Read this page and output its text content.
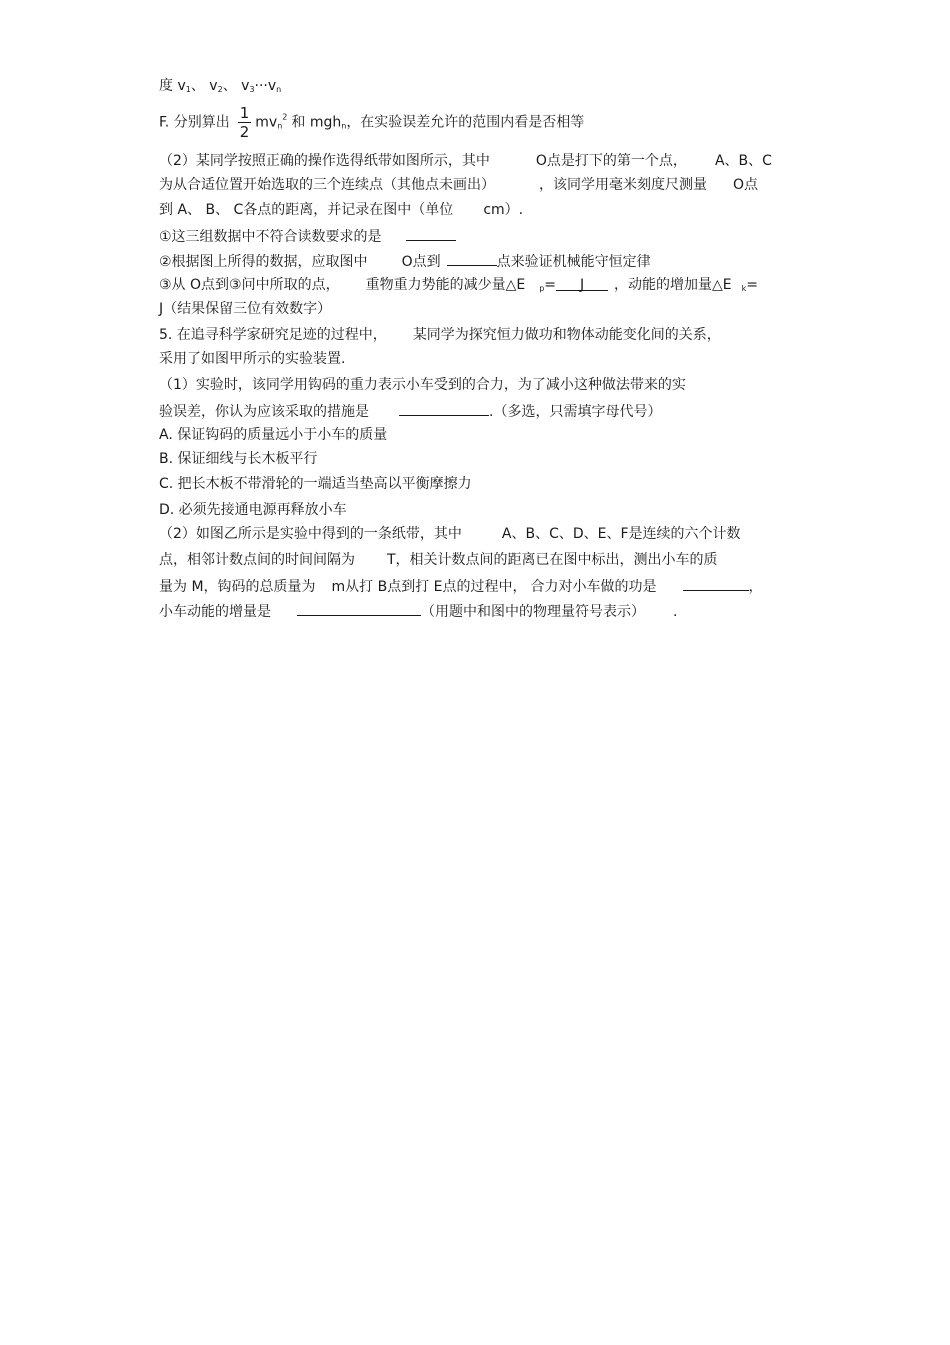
度 $v_1$、 $v_2$、 $v_3\cdot\cdot\cdot v_n$
F. 分别算出 $\frac{1}{2} mv_n^2$ 和 mgh$_n$，在实验误差允许的范围内看是否相等
（2）某同学按照正确的操作选得纸带如图所示，其中	O点是打下的第一个点， A、B、C
为从合适位置开始选取的三个连续点（其他点未画出）	，该同学用毫米刻度尺测量 O点
到 A、 B、 C各点的距离，并记录在图中（单位 cm）.
①这三组数据中不符合读数要求的是
②根据图上所得的数据，应取图中 O点到	点来验证机械能守恒定律
③从 O点到③问中所取的点， 重物重力势能的减少量△E $_p$= J ，动能的增加量△E $_k$=
J（结果保留三位有效数字）
5. 在追寻科学家研究足迹的过程中， 某同学为探究恒力做功和物体动能变化间的关系，
采用了如图甲所示的实验装置.
（1）实验时，该同学用钩码的重力表示小车受到的合力，为了减小这种做法带来的实
验误差，你认为应该采取的措施是	.（多选，只需填字母代号）
A. 保证钩码的质量远小于小车的质量
B. 保证细线与长木板平行
C. 把长木板不带滑轮的一端适当垫高以平衡摩擦力
D. 必须先接通电源再释放小车
（2）如图乙所示是实验中得到的一条纸带，其中	A、B、C、D、E、F是连续的六个计数
点，相邻计数点间的时间间隔为 T，相关计数点间的距离已在图中标出，测出小车的质
量为 M，钩码的总质量为 m从打 B点到打 E点的过程中， 合力对小车做的功是	，
小车动能的增量是	（用题中和图中的物理量符号表示） .
